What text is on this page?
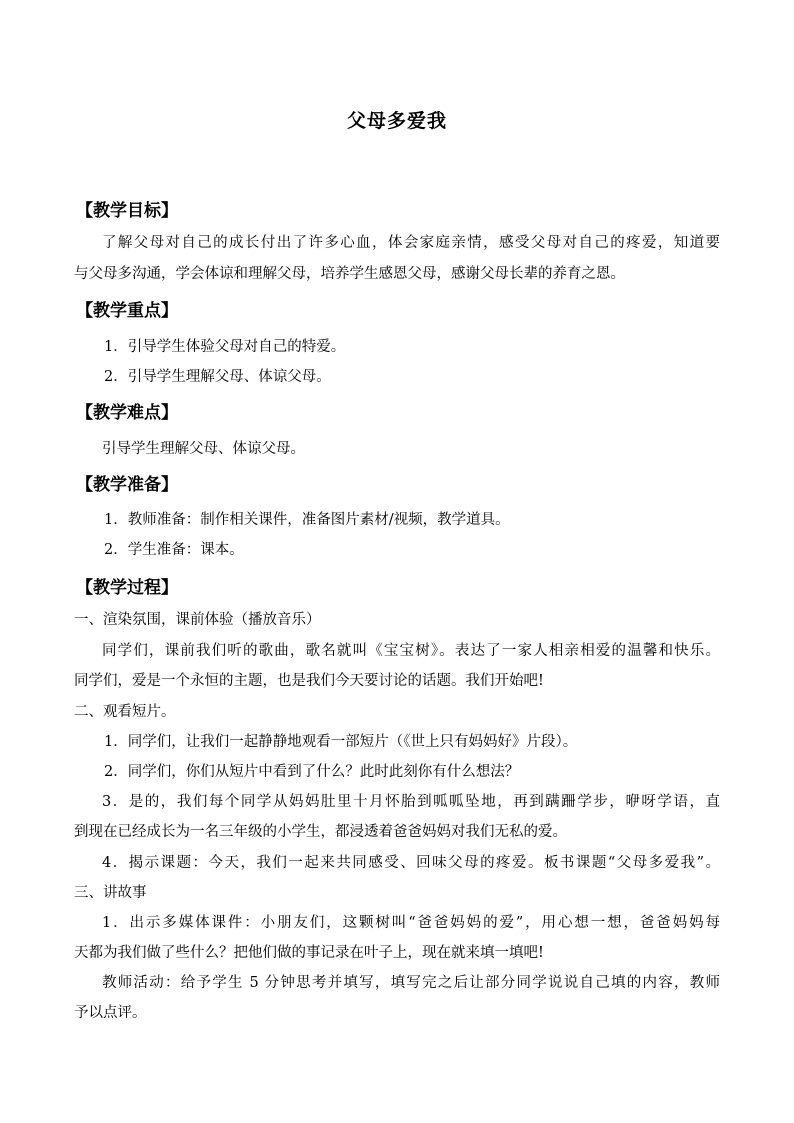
父母多爱我
【教学目标】
了解父母对自己的成长付出了许多心血，体会家庭亲情，感受父母对自己的疼爱，知道要
与父母多沟通，学会体谅和理解父母，培养学生感恩父母，感谢父母长辈的养育之恩。
【教学重点】
1．引导学生体验父母对自己的特爱。
2．引导学生理解父母、体谅父母。
【教学难点】
引导学生理解父母、体谅父母。
【教学准备】
1．教师准备：制作相关课件，准备图片素材/视频，教学道具。
2．学生准备：课本。
【教学过程】
一、渲染氛围，课前体验（播放音乐）
同学们，课前我们听的歌曲，歌名就叫《宝宝树》。表达了一家人相亲相爱的温馨和快乐。
同学们，爱是一个永恒的主题，也是我们今天要讨论的话题。我们开始吧!
二、观看短片。
1．同学们，让我们一起静静地观看一部短片（《世上只有妈妈好》片段）。
2．同学们，你们从短片中看到了什么？此时此刻你有什么想法？
3．是的，我们每个同学从妈妈肚里十月怀胎到呱呱坠地，再到蹒跚学步，咿呀学语，直
到现在已经成长为一名三年级的小学生，都浸透着爸爸妈妈对我们无私的爱。
4．揭示课题：今天，我们一起来共同感受、回味父母的疼爱。板书课题“父母多爱我”。
三、讲故事
1．出示多媒体课件：小朋友们，这颗树叫“爸爸妈妈的爱”，用心想一想，爸爸妈妈每
天都为我们做了些什么？把他们做的事记录在叶子上，现在就来填一填吧!
教师活动：给予学生 5 分钟思考并填写，填写完之后让部分同学说说自己填的内容，教师
予以点评。
